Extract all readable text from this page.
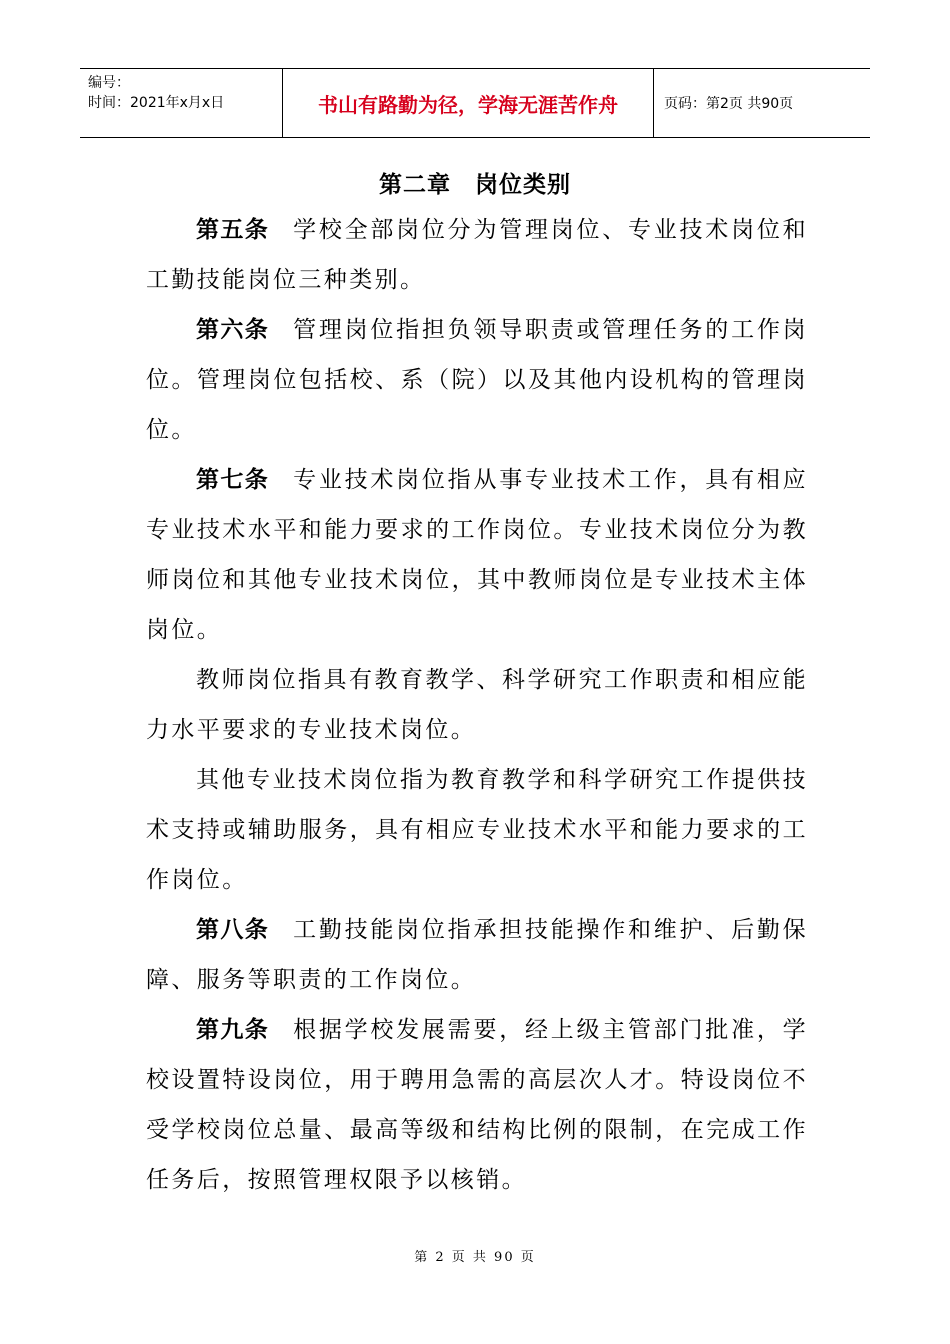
编号：
时间：2021年x月x日	书山有路勤为径，学海无涯苦作舟	页码：第2页 共90页
第二章 岗位类别

第五条 学校全部岗位分为管理岗位、专业技术岗位和工勤技能岗位三种类别。

第六条 管理岗位指担负领导职责或管理任务的工作岗位。管理岗位包括校、系（院）以及其他内设机构的管理岗位。

第七条 专业技术岗位指从事专业技术工作，具有相应专业技术水平和能力要求的工作岗位。专业技术岗位分为教师岗位和其他专业技术岗位，其中教师岗位是专业技术主体岗位。

教师岗位指具有教育教学、科学研究工作职责和相应能力水平要求的专业技术岗位。

其他专业技术岗位指为教育教学和科学研究工作提供技术支持或辅助服务，具有相应专业技术水平和能力要求的工作岗位。

第八条 工勤技能岗位指承担技能操作和维护、后勤保障、服务等职责的工作岗位。

第九条 根据学校发展需要，经上级主管部门批准，学校设置特设岗位，用于聘用急需的高层次人才。特设岗位不受学校岗位总量、最高等级和结构比例的限制，在完成工作任务后，按照管理权限予以核销。

第 2 页 共 90 页
